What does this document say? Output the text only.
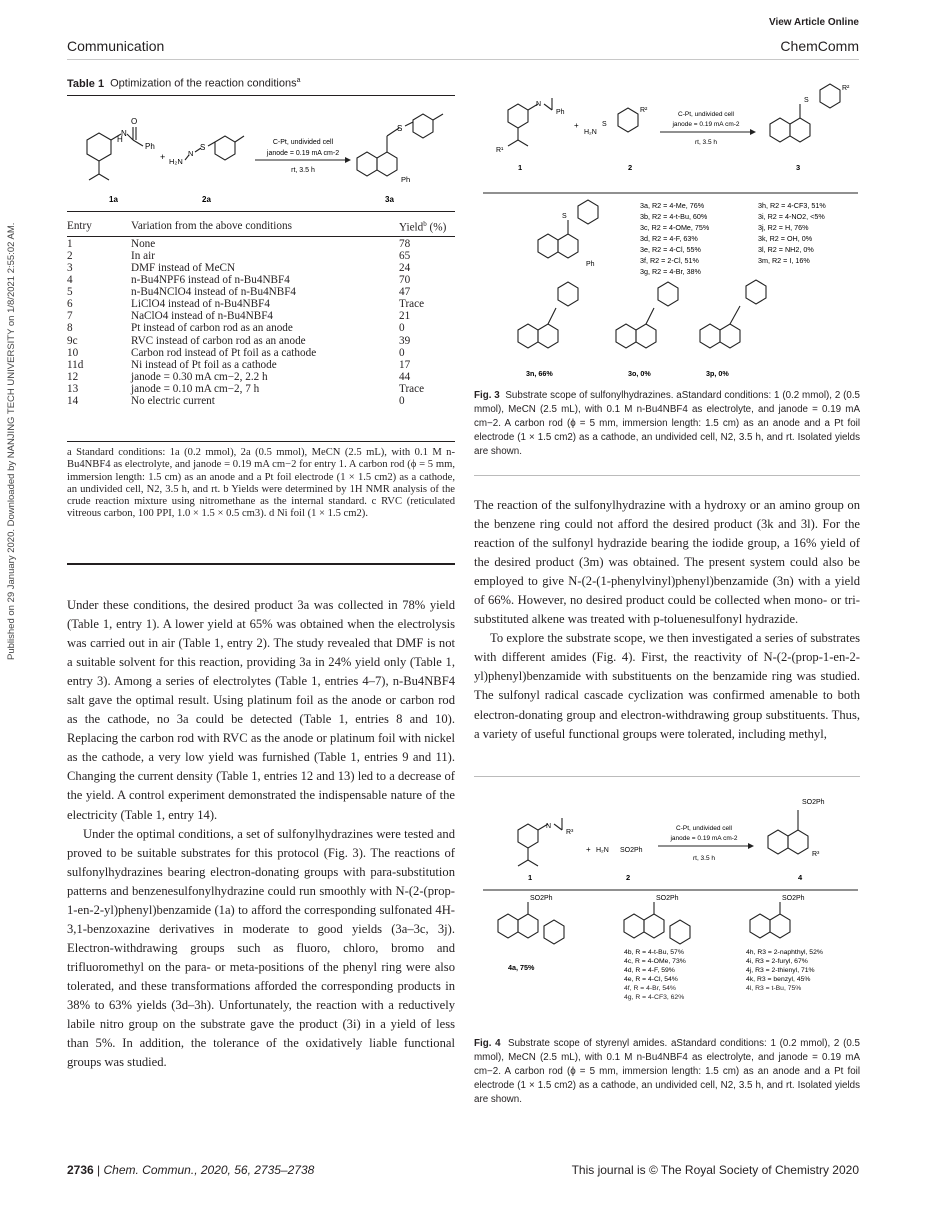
View Article Online
Communication	ChemComm
Published on 29 January 2020. Downloaded by NANJING TECH UNIVERSITY on 1/8/2021 2:55:02 AM.
Table 1 Optimization of the reaction conditions$^a$
H
N
O
Ph
+ H₂N
N
S
C-Pt, undivided cell
janode = 0.19 mA cm-2
rt, 3.5 h
S
Ph
1a	2a	3a
Entry	Variation from the above conditions	Yield$^b$ (%)
1	None	78
2	In air	65
3	DMF instead of MeCN	24
4	n-Bu4NPF6 instead of n-Bu4NBF4	70
5	n-Bu4NClO4 instead of n-Bu4NBF4	47
6	LiClO4 instead of n-Bu4NBF4	Trace
7	NaClO4 instead of n-Bu4NBF4	21
8	Pt instead of carbon rod as an anode	0
9c	RVC instead of carbon rod as an anode	39
10	Carbon rod instead of Pt foil as a cathode	0
11d	Ni instead of Pt foil as a cathode	17
12	janode = 0.30 mA cm−2, 2.2 h	44
13	janode = 0.10 mA cm−2, 7 h	Trace
14	No electric current	0
a Standard conditions: 1a (0.2 mmol), 2a (0.5 mmol), MeCN (2.5 mL), with 0.1 M n-Bu4NBF4 as electrolyte, and janode = 0.19 mA cm−2 for entry 1. A carbon rod (ϕ = 5 mm, immersion length: 1.5 cm) as an anode and a Pt foil electrode (1 × 1.5 cm2) as a cathode, an undivided cell, N2, 3.5 h, and rt. b Yields were determined by 1H NMR analysis of the crude reaction mixture using nitromethane as the internal standard. c RVC (reticulated vitreous carbon, 100 PPI, 1.0 × 1.5 × 0.5 cm3). d Ni foil (1 × 1.5 cm2).

Under these conditions, the desired product 3a was collected in 78% yield (Table 1, entry 1). A lower yield at 65% was obtained when the electrolysis was carried out in air (Table 1, entry 2). The study revealed that DMF is not a suitable solvent for this reaction, providing 3a in 24% yield only (Table 1, entry 3). Among a series of electrolytes (Table 1, entries 4–7), n-Bu4NBF4 salt gave the optimal result. Using platinum foil as the anode or carbon rod as the cathode, no 3a could be detected (Table 1, entries 8 and 10). Replacing the carbon rod with RVC as the anode or platinum foil with nickel as the cathode, a very low yield was furnished (Table 1, entries 9 and 11). Changing the current density (Table 1, entries 12 and 13) led to a decrease of the yield. A control experiment demonstrated the indispensable nature of the electricity (Table 1, entry 14).

Under the optimal conditions, a set of sulfonylhydrazines were tested and proved to be suitable substrates for this protocol (Fig. 3). The reactions of sulfonylhydrazines bearing electron-donating groups with para-substitution patterns and benzenesulfonylhydrazine could run smoothly with N-(2-(prop-1-en-2-yl)phenyl)benzamide (1a) to afford the corresponding sulfonated 4H-3,1-benzoxazine derivatives in moderate to good yields (3a–3c, 3j). Electron-withdrawing groups such as fluoro, chloro, bromo and trifluoromethyl on the para- or meta-positions of the phenyl ring were also tolerated, and these transformations afforded the corresponding products in 38% to 63% yields (3d–3h). Unfortunately, the reaction with a reductively labile nitro group on the substrate gave the product (3i) in a yield of less than 5%. In addition, the tolerance of the oxidatively liable functional groups was studied.

N
Ph
R¹
+
H₂N
S
R²
C-Pt, undivided cell
janode = 0.19 mA cm-2
rt, 3.5 h
S
R²
1	2	3
S
Ph
3a, R2 = 4-Me, 76%
3b, R2 = 4-t-Bu, 60%
3c, R2 = 4-OMe, 75%
3d, R2 = 4-F, 63%
3e, R2 = 4-Cl, 55%
3f, R2 = 2-Cl, 51%
3g, R2 = 4-Br, 38%
3h, R2 = 4-CF3, 51%
3i, R2 = 4-NO2, <5%
3j, R2 = H, 76%
3k, R2 = OH, 0%
3l, R2 = NH2, 0%
3m, R2 = I, 16%
3n, 66%	3o, 0%	3p, 0%
Fig. 3 Substrate scope of sulfonylhydrazines. aStandard conditions: 1 (0.2 mmol), 2 (0.5 mmol), MeCN (2.5 mL), with 0.1 M n-Bu4NBF4 as electrolyte, and janode = 0.19 mA cm−2. A carbon rod (ϕ = 5 mm, immersion length: 1.5 cm) as an anode and a Pt foil electrode (1 × 1.5 cm2) as a cathode, an undivided cell, N2, 3.5 h, and rt. Isolated yields are shown.

The reaction of the sulfonylhydrazine with a hydroxy or an amino group on the benzene ring could not afford the desired product (3k and 3l). For the reaction of the sulfonyl hydrazide bearing the iodide group, a 16% yield of the desired product (3m) was obtained. The present system could also be employed to give N-(2-(1-phenylvinyl)phenyl)benzamide (3n) with a yield of 66%. However, no desired product could be collected when mono- or tri-substituted alkene was treated with p-toluenesulfonyl hydrazide.

To explore the substrate scope, we then investigated a series of substrates with different amides (Fig. 4). First, the reactivity of N-(2-(prop-1-en-2-yl)phenyl)benzamide with substituents on the benzamide ring was studied. The sulfonyl radical cascade cyclization was confirmed amenable to both electron-donating group and electron-withdrawing group substituents. Thus, a variety of useful functional groups were tolerated, including methyl,

N
R³
+ H₂N SO2Ph
C-Pt, undivided cell
janode = 0.19 mA cm-2
rt, 3.5 h
SO2Ph
R³
1	2	4
SO2Ph
4a, 75%
SO2Ph
4b, R = 4-t-Bu, 57%
4c, R = 4-OMe, 73%
4d, R = 4-F, 59%
4e, R = 4-Cl, 54%
SO2Ph
4h, R3 = 2-naphthyl, 52%
4i, R3 = 2-furyl, 67%
4j, R3 = 2-thienyl, 71%
4k, R3 = benzyl, 45%
4f, R = 4-Br, 54%
4g, R = 4-CF3, 62%
4l, R3 = t-Bu, 75%
Fig. 4 Substrate scope of styrenyl amides. aStandard conditions: 1 (0.2 mmol), 2 (0.5 mmol), MeCN (2.5 mL), with 0.1 M n-Bu4NBF4 as electrolyte, and janode = 0.19 mA cm−2. A carbon rod (ϕ = 5 mm, immersion length: 1.5 cm) as an anode and a Pt foil electrode (1 × 1.5 cm2) as a cathode, an undivided cell, N2, 3.5 h, and rt. Isolated yields are shown.
2736 | Chem. Commun., 2020, 56, 2735–2738	This journal is © The Royal Society of Chemistry 2020
